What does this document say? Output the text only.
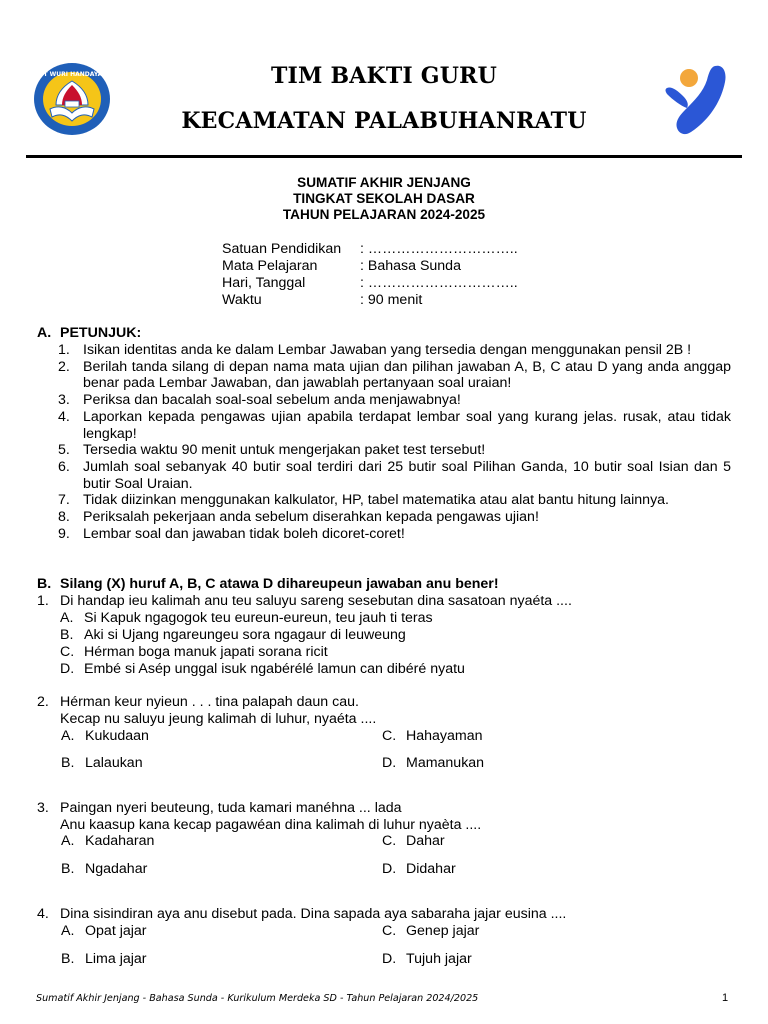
TUT WURI HANDAYANI	TIM BAKTI GURU
KECAMATAN PALABUHANRATU
SUMATIF AKHIR JENJANG
TINGKAT SEKOLAH DASAR
TAHUN PELAJARAN 2024-2025
Satuan Pendidikan : …………………………..
Mata Pelajaran	: Bahasa Sunda
Hari, Tanggal	: …………………………..
Waktu	: 90 menit
A. PETUNJUK:
1. Isikan identitas anda ke dalam Lembar Jawaban yang tersedia dengan menggunakan pensil 2B !
2. Berilah tanda silang di depan nama mata ujian dan pilihan jawaban A, B, C atau D yang anda anggap benar pada Lembar Jawaban, dan jawablah pertanyaan soal uraian!
3. Periksa dan bacalah soal-soal sebelum anda menjawabnya!
4. Laporkan kepada pengawas ujian apabila terdapat lembar soal yang kurang jelas. rusak, atau tidak lengkap!
5. Tersedia waktu 90 menit untuk mengerjakan paket test tersebut!
6. Jumlah soal sebanyak 40 butir soal terdiri dari 25 butir soal Pilihan Ganda, 10 butir soal Isian dan 5 butir Soal Uraian.
7. Tidak diizinkan menggunakan kalkulator, HP, tabel matematika atau alat bantu hitung lainnya.
8. Periksalah pekerjaan anda sebelum diserahkan kepada pengawas ujian!
9. Lembar soal dan jawaban tidak boleh dicoret-coret!
B. Silang (X) huruf A, B, C atawa D dihareupeun jawaban anu bener!
1. Di handap ieu kalimah anu teu saluyu sareng sesebutan dina sasatoan nyaéta ....
A. Si Kapuk ngagogok teu eureun-eureun, teu jauh ti teras
B. Aki si Ujang ngareungeu sora ngagaur di leuweung
C. Hérman boga manuk japati sorana ricit
D. Embé si Asép unggal isuk ngabérélé lamun can dibéré nyatu
2. Hérman keur nyieun . . . tina palapah daun cau.
Kecap nu saluyu jeung kalimah di luhur, nyaéta ....
A. Kukudaan
B. Lalaukan
C. Hahayaman
D. Mamanukan
3. Paingan nyeri beuteung, tuda kamari manéhna ... lada
Anu kaasup kana kecap pagawéan dina kalimah di luhur nyaèta ....
A. Kadaharan
B. Ngadahar
C. Dahar
D. Didahar
4. Dina sisindiran aya anu disebut pada. Dina sapada aya sabaraha jajar eusina ....
A. Opat jajar
B. Lima jajar
C. Genep jajar
D. Tujuh jajar
Sumatif Akhir Jenjang - Bahasa Sunda - Kurikulum Merdeka SD - Tahun Pelajaran 2024/2025	1
